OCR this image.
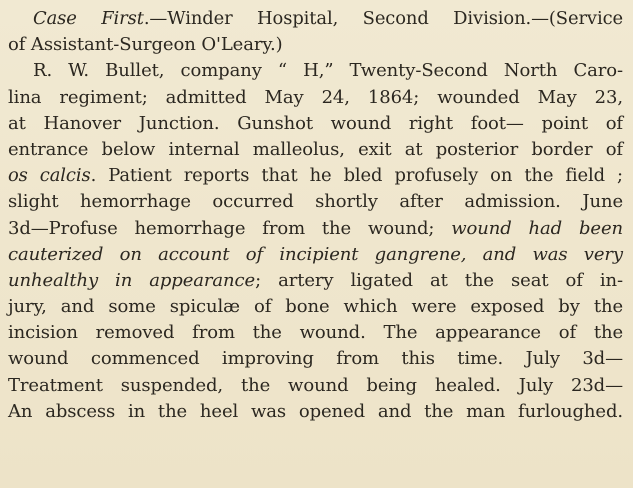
Case First.—Winder Hospital, Second Division.—(Service
of Assistant-Surgeon O'Leary.)
R. W. Bullet, company “ H,” Twenty-Second North Caro-
lina regiment; admitted May 24, 1864; wounded May 23,
at Hanover Junction. Gunshot wound right foot— point of
entrance below internal malleolus, exit at posterior border of
os calcis. Patient reports that he bled profusely on the field ;
slight hemorrhage occurred shortly after admission. June
3d—Profuse hemorrhage from the wound; wound had been
cauterized on account of incipient gangrene, and was very
unhealthy in appearance; artery ligated at the seat of in-
jury, and some spiculæ of bone which were exposed by the
incision removed from the wound. The appearance of the
wound commenced improving from this time. July 3d—
Treatment suspended, the wound being healed. July 23d—
An abscess in the heel was opened and the man furloughed.
